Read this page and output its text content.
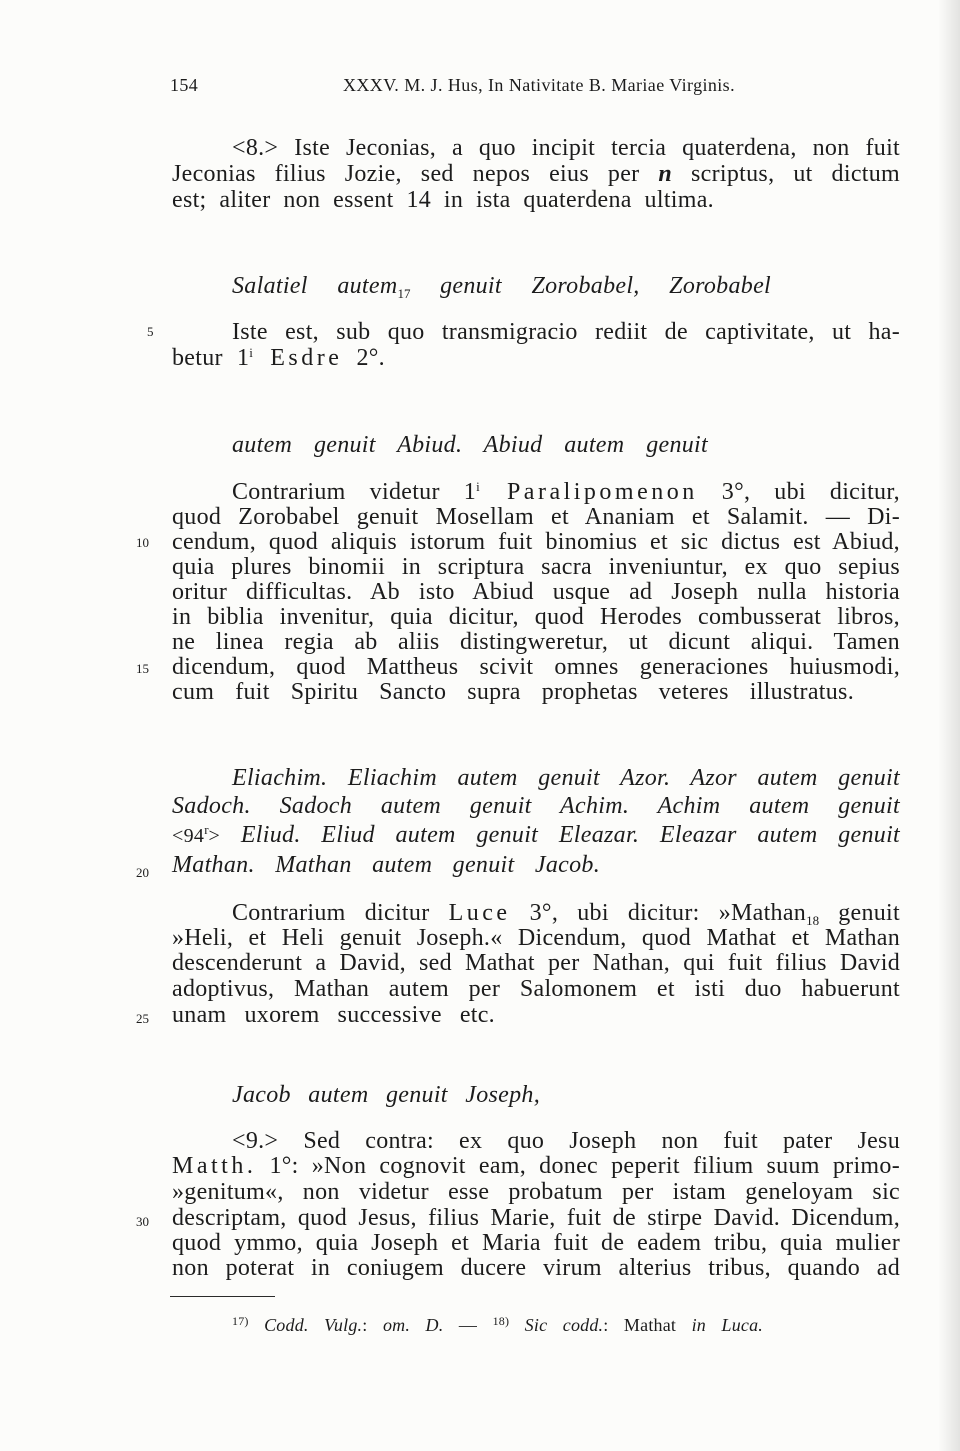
154	XXXV. M. J. Hus, In Nativitate B. Mariae Virginis.
5
10
15
20
25
30
<8.> Iste Jeconias, a quo incipit tercia quaterdena, non fuit
Jeconias filius Jozie, sed nepos eius per n scriptus, ut dictum
est; aliter non essent 14 in ista quaterdena ultima.
Salatiel autem$_{17}$ genuit Zorobabel, Zorobabel
Iste est, sub quo transmigracio rediit de captivitate, ut ha-
betur 1$^i$ Esdre 2°.
autem genuit Abiud. Abiud autem genuit
Contrarium videtur 1$^i$ Paralipomenon 3°, ubi dicitur,
quod Zorobabel genuit Mosellam et Ananiam et Salamit. — Di-
cendum, quod aliquis istorum fuit binomius et sic dictus est Abiud,
quia plures binomii in scriptura sacra inveniuntur, ex quo sepius
oritur difficultas. Ab isto Abiud usque ad Joseph nulla historia
in biblia invenitur, quia dicitur, quod Herodes combusserat libros,
ne linea regia ab aliis distingweretur, ut dicunt aliqui. Tamen
dicendum, quod Mattheus scivit omnes generaciones huiusmodi,
cum fuit Spiritu Sancto supra prophetas veteres illustratus.
Eliachim. Eliachim autem genuit Azor. Azor autem genuit
Sadoch. Sadoch autem genuit Achim. Achim autem genuit
$<94^r>$ Eliud. Eliud autem genuit Eleazar. Eleazar autem genuit
Mathan. Mathan autem genuit Jacob.
Contrarium dicitur Luce 3°, ubi dicitur: »Mathan$_{18}$ genuit
»Heli, et Heli genuit Joseph.« Dicendum, quod Mathat et Mathan
descenderunt a David, sed Mathat per Nathan, qui fuit filius David
adoptivus, Mathan autem per Salomonem et isti duo habuerunt
unam uxorem successive etc.
Jacob autem genuit Joseph,
<9.> Sed contra: ex quo Joseph non fuit pater Jesu
Matth. 1°: »Non cognovit eam, donec peperit filium suum primo-
»genitum«, non videtur esse probatum per istam geneloyam sic
descriptam, quod Jesus, filius Marie, fuit de stirpe David. Dicendum,
quod ymmo, quia Joseph et Maria fuit de eadem tribu, quia mulier
non poterat in coniugem ducere virum alterius tribus, quando ad
$^{17)}$ Codd. Vulg.: om. D. — $^{18)}$ Sic codd.: Mathat in Luca.
